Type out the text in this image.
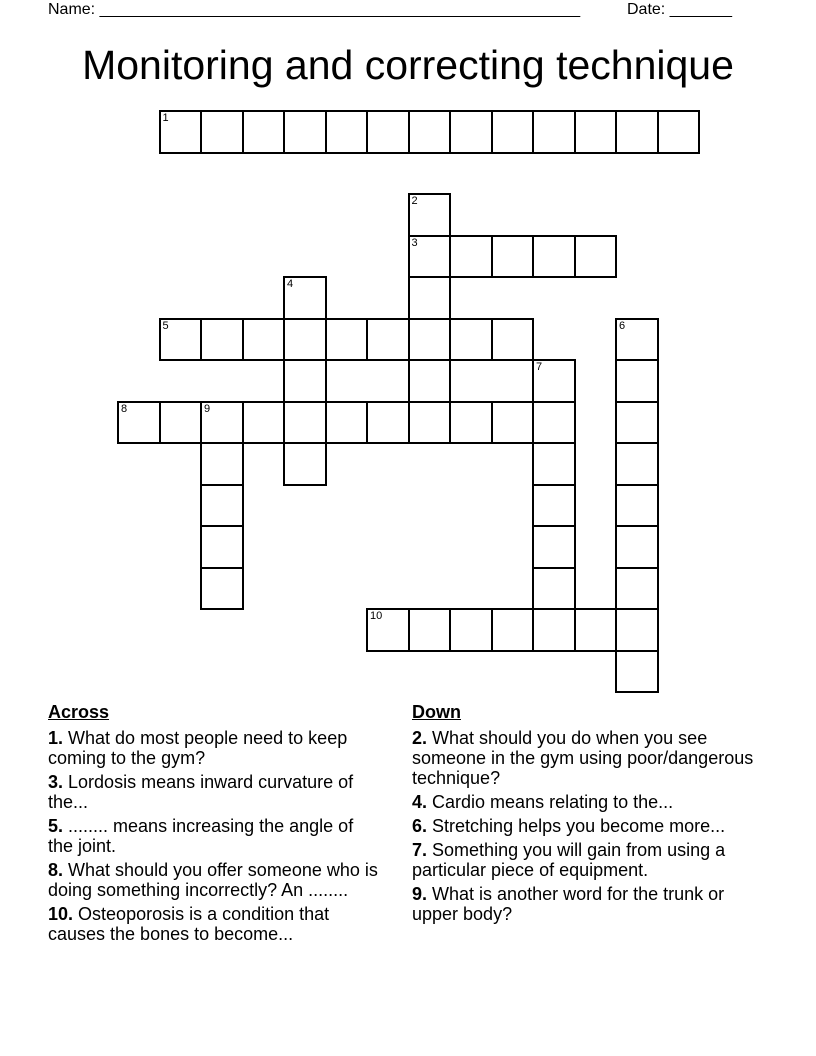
Name: ______________________________________________________	Date: _______
Monitoring and correcting technique
1
2
3
4
5	6
7
8	9
10
Across
1. What do most people need to keep coming to the gym?
3. Lordosis means inward curvature of the...
5. ........ means increasing the angle of the joint.
8. What should you offer someone who is doing something incorrectly? An ........
10. Osteoporosis is a condition that causes the bones to become...
Down
2. What should you do when you see someone in the gym using poor/dangerous technique?
4. Cardio means relating to the...
6. Stretching helps you become more...
7. Something you will gain from using a particular piece of equipment.
9. What is another word for the trunk or upper body?
